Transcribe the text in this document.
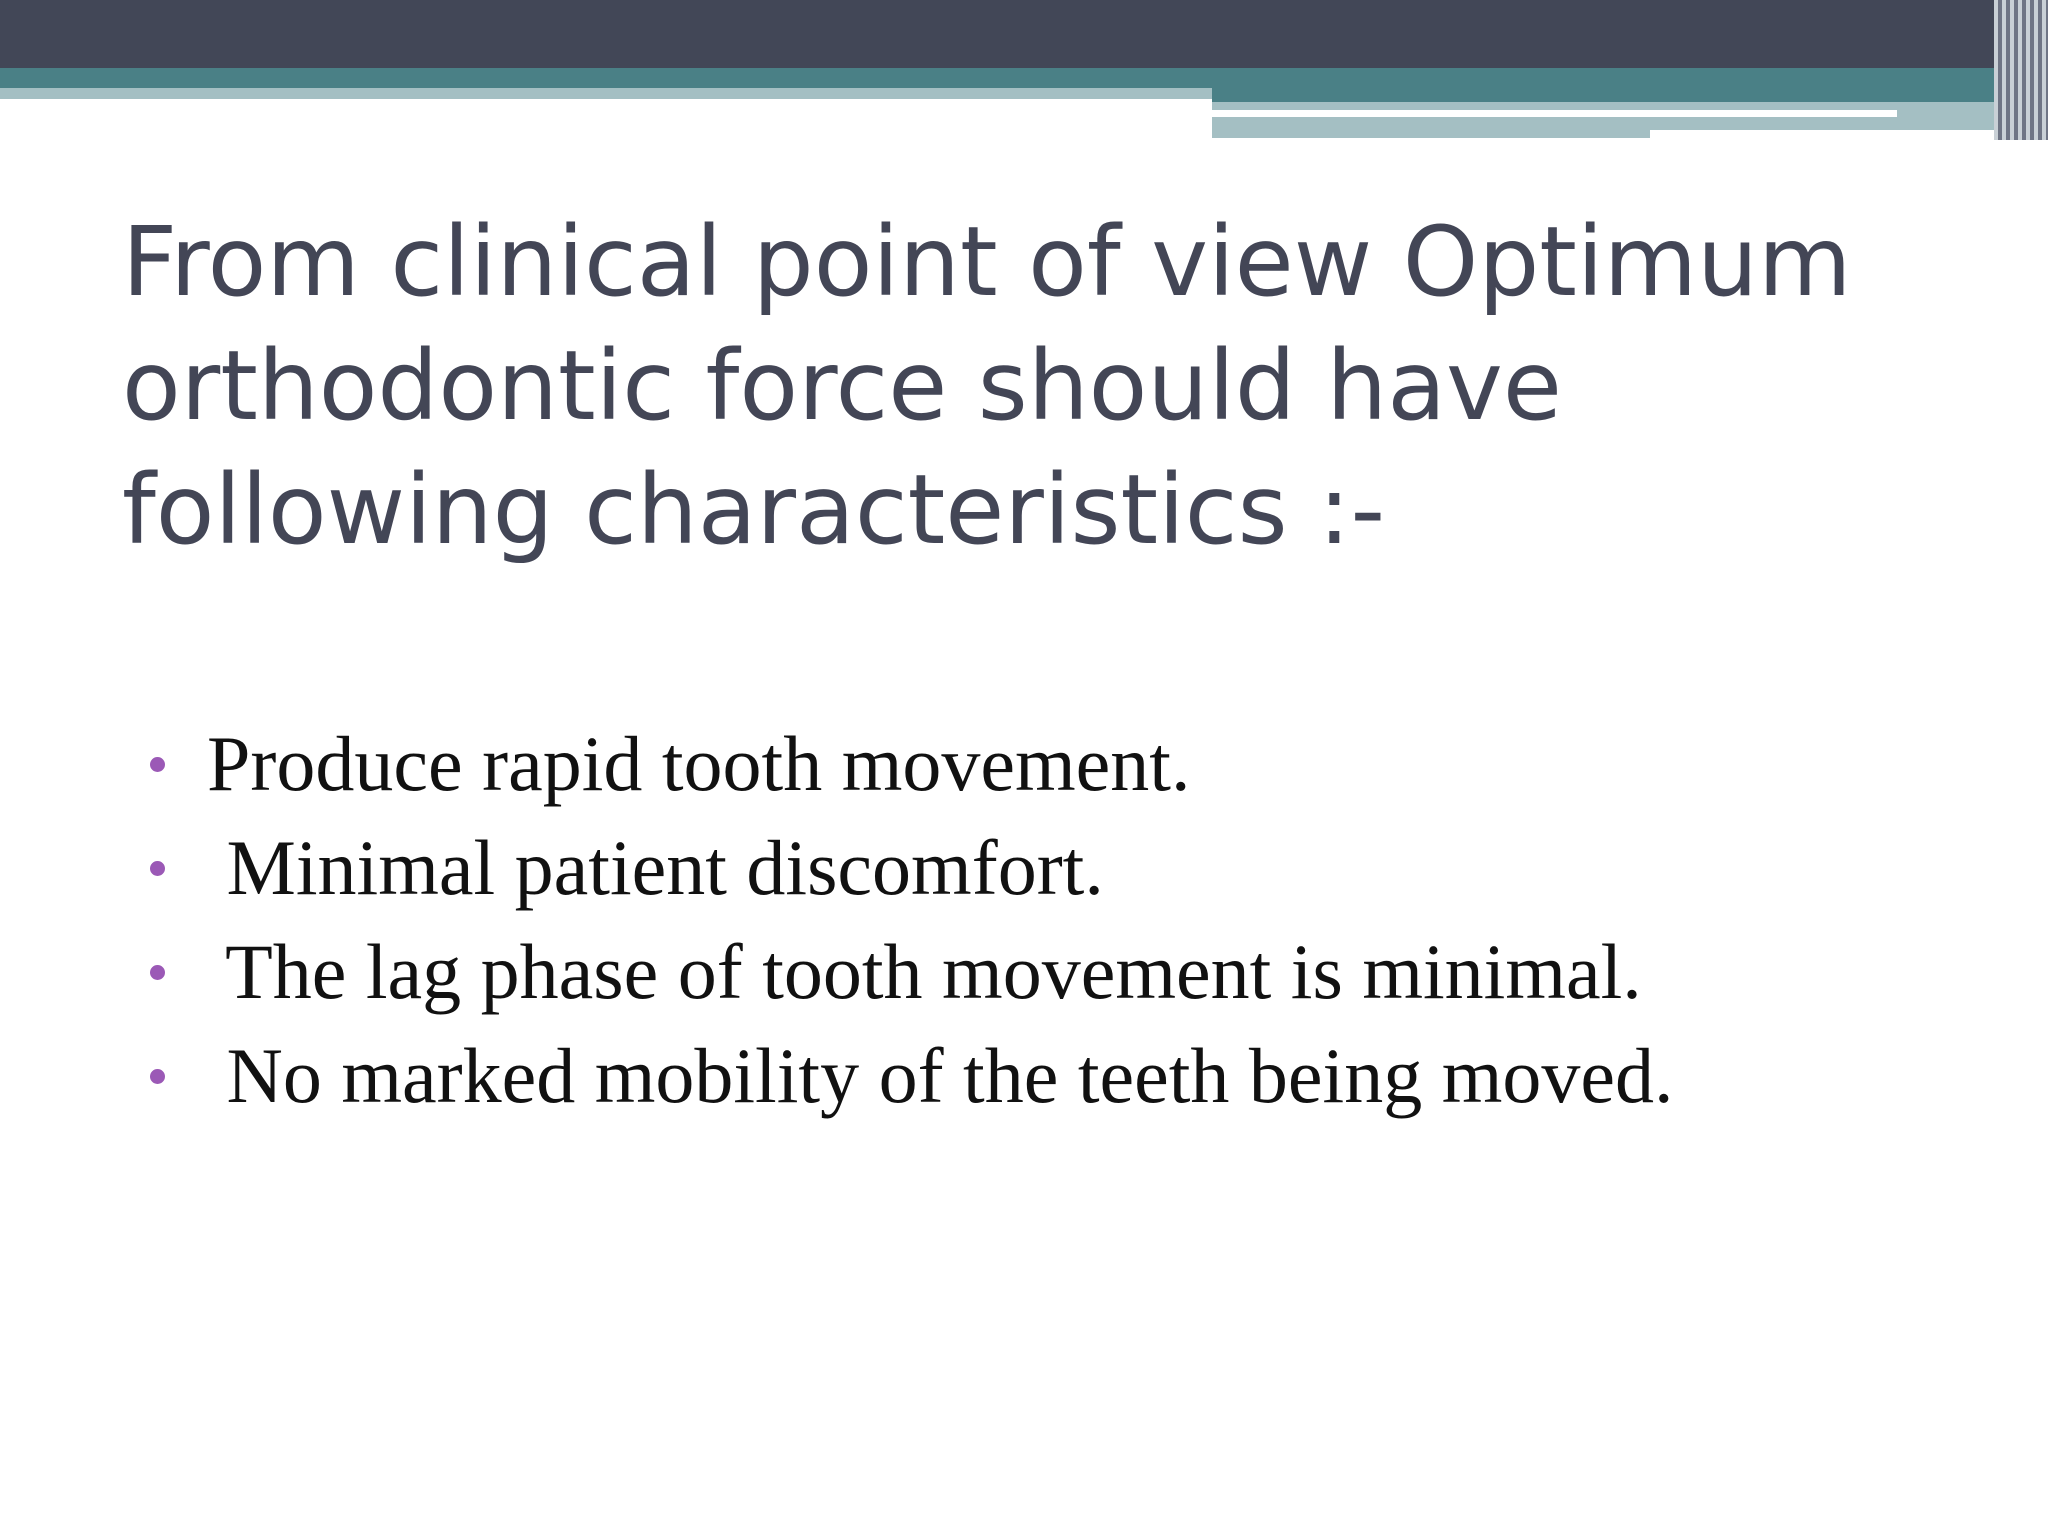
From clinical point of view Optimum orthodontic force should have following characteristics :-
Produce rapid tooth movement.
Minimal patient discomfort.
The lag phase of tooth movement is minimal.
No marked mobility of the teeth being moved.
